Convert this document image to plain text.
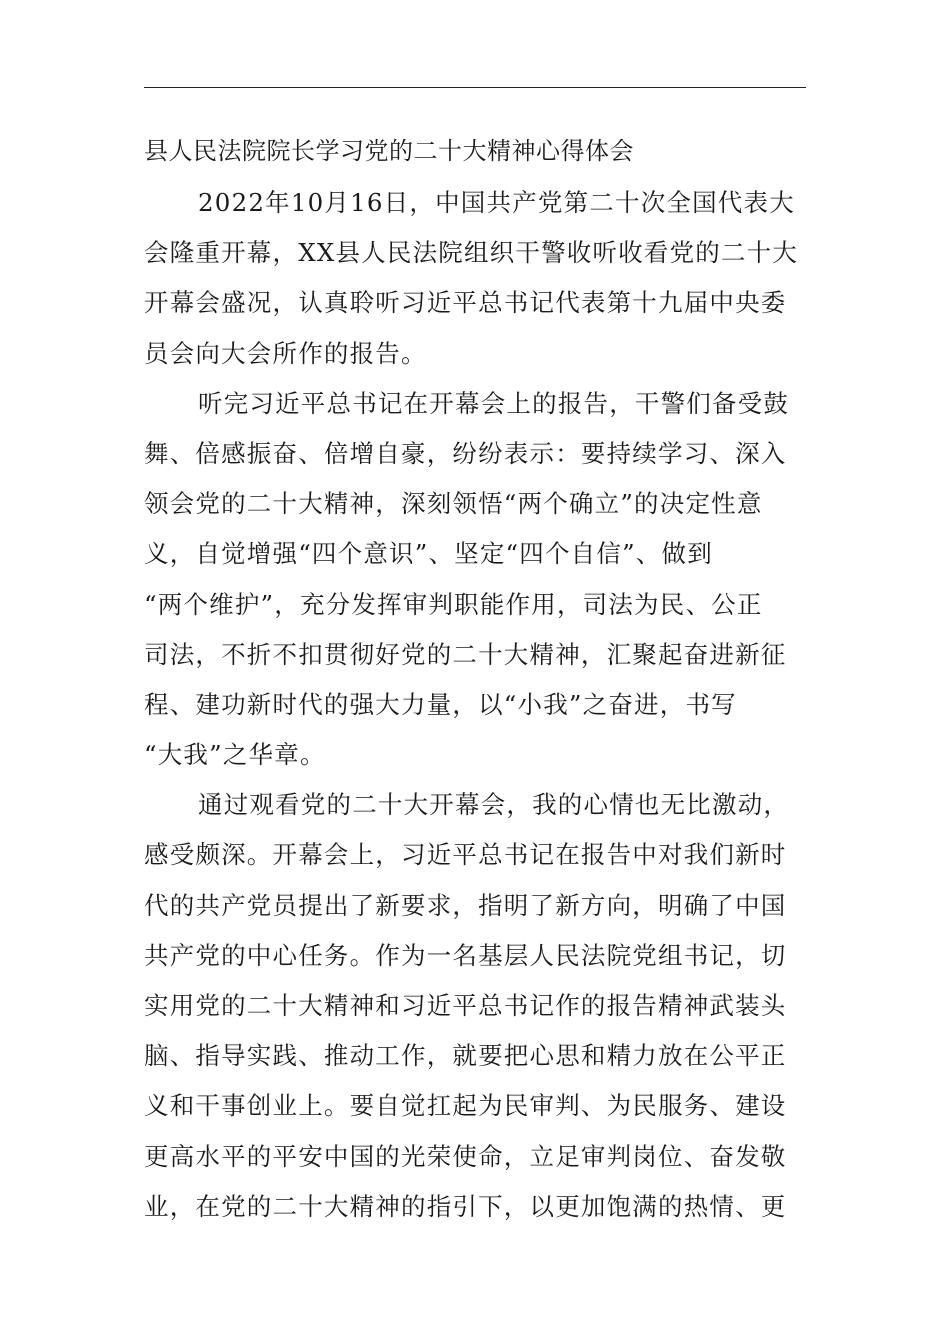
县人民法院院长学习党的二十大精神心得体会

2022年10月16日，中国共产党第二十次全国代表大
会隆重开幕，XX县人民法院组织干警收听收看党的二十大
开幕会盛况，认真聆听习近平总书记代表第十九届中央委
员会向大会所作的报告。

听完习近平总书记在开幕会上的报告，干警们备受鼓
舞、倍感振奋、倍增自豪，纷纷表示：要持续学习、深入
领会党的二十大精神，深刻领悟“两个确立”的决定性意
义，自觉增强“四个意识”、坚定“四个自信”、做到
“两个维护”，充分发挥审判职能作用，司法为民、公正
司法，不折不扣贯彻好党的二十大精神，汇聚起奋进新征
程、建功新时代的强大力量，以“小我”之奋进，书写
“大我”之华章。

通过观看党的二十大开幕会，我的心情也无比激动，
感受颇深。开幕会上，习近平总书记在报告中对我们新时
代的共产党员提出了新要求，指明了新方向，明确了中国
共产党的中心任务。作为一名基层人民法院党组书记，切
实用党的二十大精神和习近平总书记作的报告精神武装头
脑、指导实践、推动工作，就要把心思和精力放在公平正
义和干事创业上。要自觉扛起为民审判、为民服务、建设
更高水平的平安中国的光荣使命，立足审判岗位、奋发敬
业，在党的二十大精神的指引下，以更加饱满的热情、更
